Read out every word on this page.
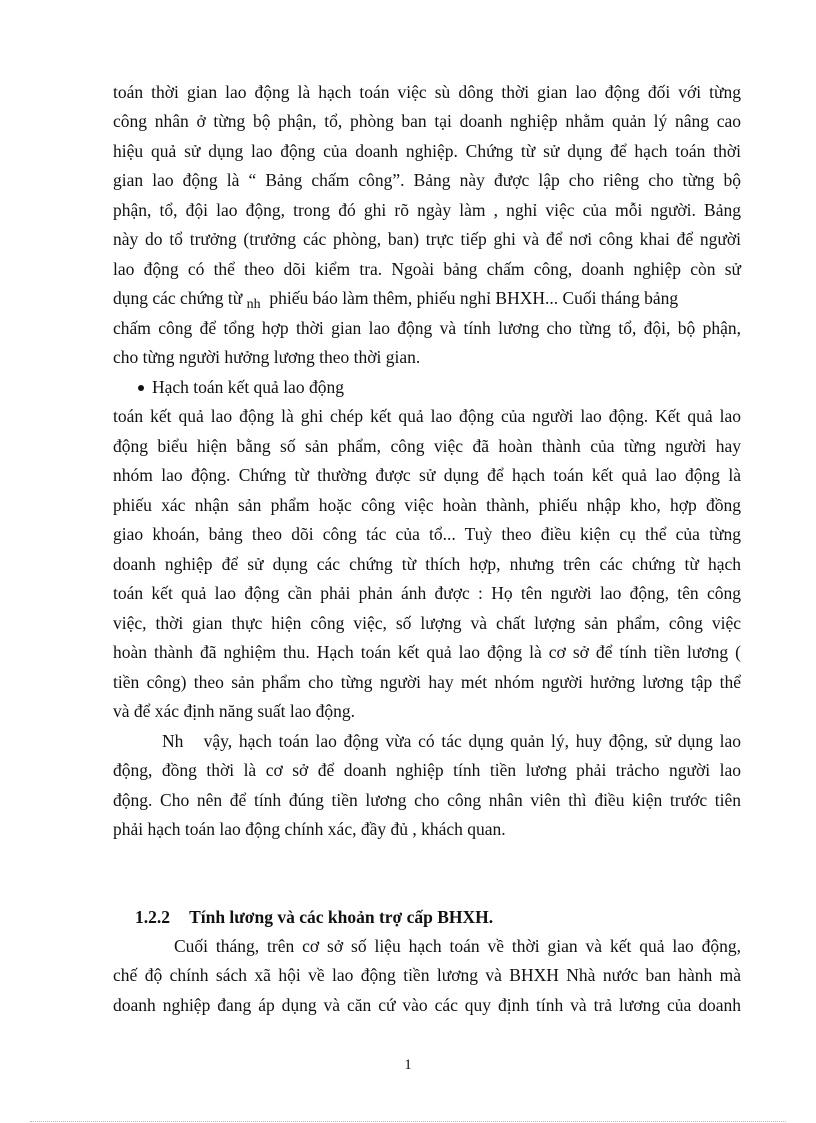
toán thời gian lao động là hạch toán việc sù dông thời gian lao động đối với từng
công nhân ở từng bộ phận, tổ, phòng ban tại doanh nghiệp nhằm quản lý nâng cao
hiệu quả sử dụng lao động của doanh nghiệp. Chứng từ sử dụng để hạch toán thời
gian lao động là “ Bảng chấm công”. Bảng này được lập cho riêng cho từng bộ
phận, tổ, đội lao động, trong đó ghi rõ ngày làm , nghỉ việc của mỗi người. Bảng
này do tổ trưởng (trưởng các phòng, ban) trực tiếp ghi và để nơi công khai để người
lao động có thể theo dõi kiểm tra. Ngoài bảng chấm công, doanh nghiệp còn sử
dụng các chứng từ $_{nh}$ phiếu báo làm thêm, phiếu nghỉ BHXH... Cuối tháng bảng
chấm công để tổng hợp thời gian lao động và tính lương cho từng tổ, đội, bộ phận,
cho từng người hưởng lương theo thời gian.
Hạch toán kết quả lao động
toán kết quả lao động là ghi chép kết quả lao động của người lao động. Kết quả lao
động biểu hiện bằng số sản phẩm, công việc đã hoàn thành của từng người hay
nhóm lao động. Chứng từ thường được sử dụng để hạch toán kết quả lao động là
phiếu xác nhận sản phẩm hoặc công việc hoàn thành, phiếu nhập kho, hợp đồng
giao khoán, bảng theo dõi công tác của tổ... Tuỳ theo điều kiện cụ thể của từng
doanh nghiệp để sử dụng các chứng từ thích hợp, nhưng trên các chứng từ hạch
toán kết quả lao động cần phải phản ánh được : Họ tên người lao động, tên công
việc, thời gian thực hiện công việc, số lượng và chất lượng sản phẩm, công việc
hoàn thành đã nghiệm thu. Hạch toán kết quả lao động là cơ sở để tính tiền lương (
tiền công) theo sản phẩm cho từng người hay mét nhóm người hưởng lương tập thể
và để xác định năng suất lao động.
Nh vậy, hạch toán lao động vừa có tác dụng quản lý, huy động, sử dụng lao
động, đồng thời là cơ sở để doanh nghiệp tính tiền lương phải trảcho người lao
động. Cho nên để tính đúng tiền lương cho công nhân viên thì điều kiện trước tiên
phải hạch toán lao động chính xác, đầy đủ , khách quan.
1.2.2 Tính lương và các khoản trợ cấp BHXH.
Cuối tháng, trên cơ sở số liệu hạch toán về thời gian và kết quả lao động,
chế độ chính sách xã hội về lao động tiền lương và BHXH Nhà nước ban hành mà
doanh nghiệp đang áp dụng và căn cứ vào các quy định tính và trả lương của doanh
1
